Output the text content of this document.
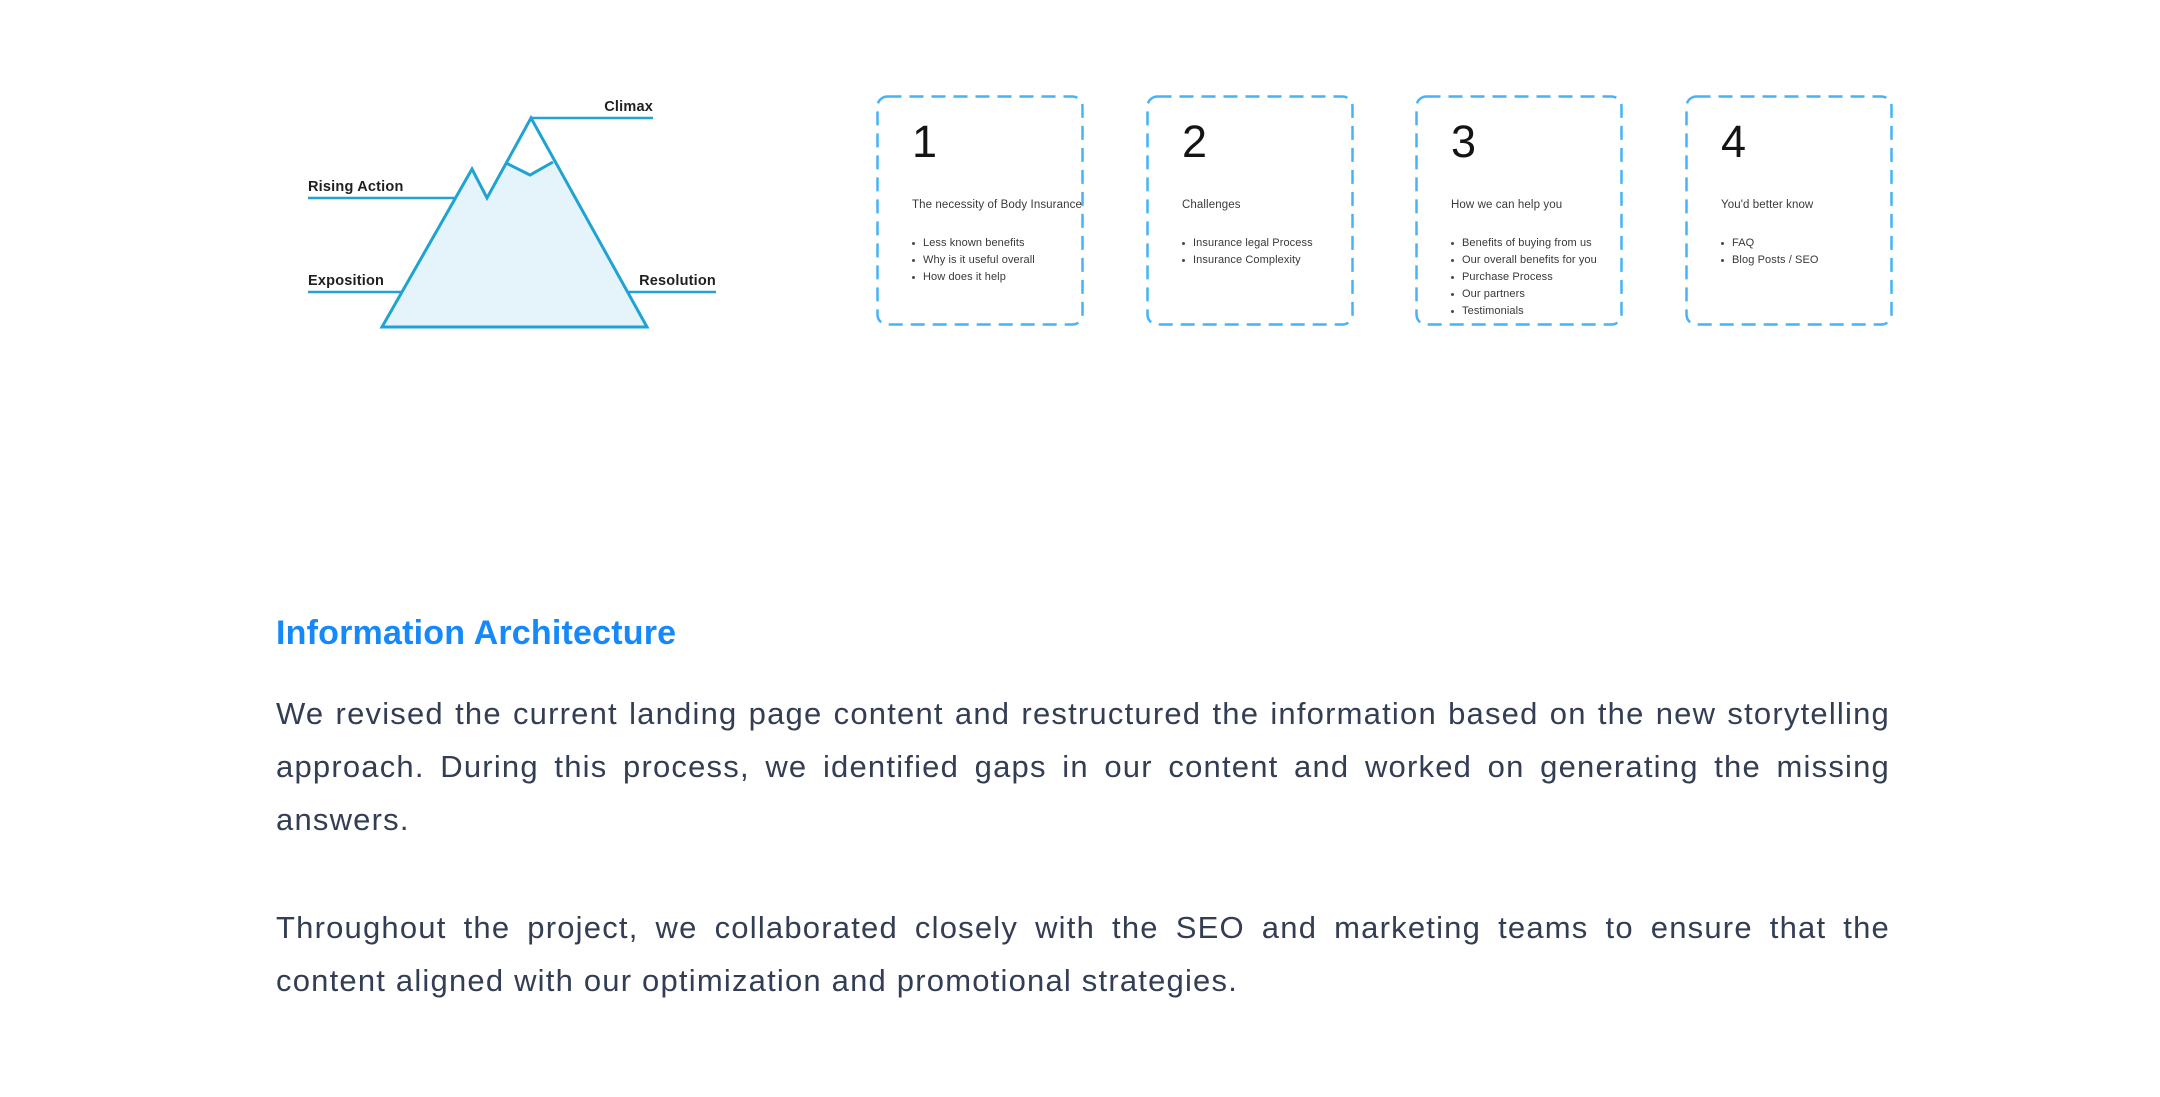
Climax
Rising Action
Exposition	Resolution
1
The necessity of Body Insurance
Less known benefits
Why is it useful overall
How does it help
2
Challenges
Insurance legal Process
Insurance Complexity
3
How we can help you
Benefits of buying from us
Our overall benefits for you
Purchase Process
Our partners
Testimonials
4
You'd better know
FAQ
Blog Posts / SEO
Information Architecture

We revised the current landing page content and restructured the information based on the new storytelling approach. During this process, we identified gaps in our content and worked on generating the missing answers.

Throughout the project, we collaborated closely with the SEO and marketing teams to ensure that the content aligned with our optimization and promotional strategies.
